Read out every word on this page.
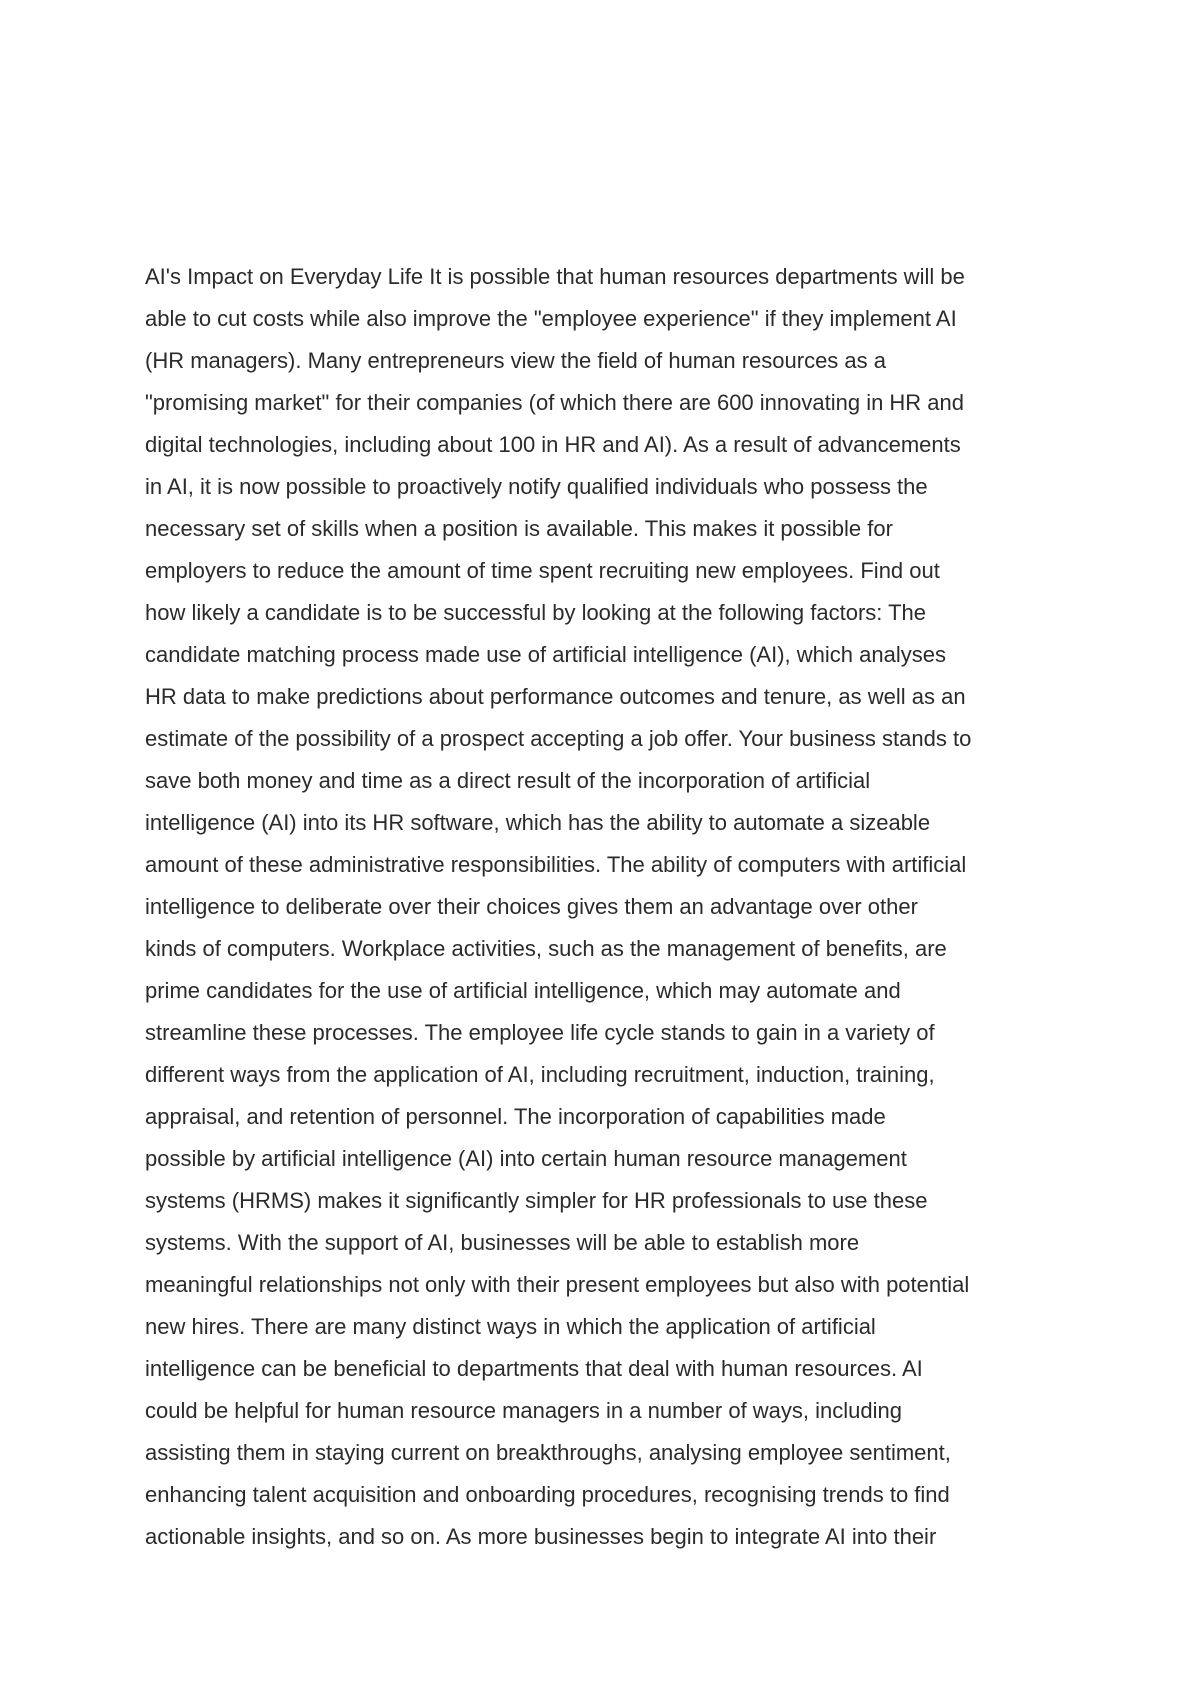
AI's Impact on Everyday Life It is possible that human resources departments will be
able to cut costs while also improve the "employee experience" if they implement AI
(HR managers). Many entrepreneurs view the field of human resources as a
"promising market" for their companies (of which there are 600 innovating in HR and
digital technologies, including about 100 in HR and AI). As a result of advancements
in AI, it is now possible to proactively notify qualified individuals who possess the
necessary set of skills when a position is available. This makes it possible for
employers to reduce the amount of time spent recruiting new employees. Find out
how likely a candidate is to be successful by looking at the following factors: The
candidate matching process made use of artificial intelligence (AI), which analyses
HR data to make predictions about performance outcomes and tenure, as well as an
estimate of the possibility of a prospect accepting a job offer. Your business stands to
save both money and time as a direct result of the incorporation of artificial
intelligence (AI) into its HR software, which has the ability to automate a sizeable
amount of these administrative responsibilities. The ability of computers with artificial
intelligence to deliberate over their choices gives them an advantage over other
kinds of computers. Workplace activities, such as the management of benefits, are
prime candidates for the use of artificial intelligence, which may automate and
streamline these processes. The employee life cycle stands to gain in a variety of
different ways from the application of AI, including recruitment, induction, training,
appraisal, and retention of personnel. The incorporation of capabilities made
possible by artificial intelligence (AI) into certain human resource management
systems (HRMS) makes it significantly simpler for HR professionals to use these
systems. With the support of AI, businesses will be able to establish more
meaningful relationships not only with their present employees but also with potential
new hires. There are many distinct ways in which the application of artificial
intelligence can be beneficial to departments that deal with human resources. AI
could be helpful for human resource managers in a number of ways, including
assisting them in staying current on breakthroughs, analysing employee sentiment,
enhancing talent acquisition and onboarding procedures, recognising trends to find
actionable insights, and so on. As more businesses begin to integrate AI into their
